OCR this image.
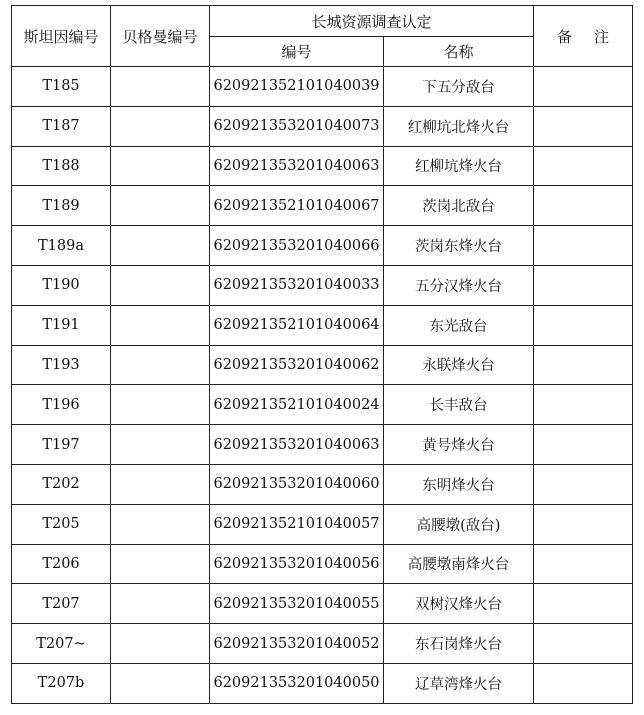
斯坦因编号	贝格曼编号	长城资源调查认定		备注
		编号	名称	
T185		620921352101040039	下五分敌台	
T187		620921353201040073	红柳坑北烽火台	
T188		620921353201040063	红柳坑烽火台	
T189		620921352101040067	茨岗北敌台	
T189a		620921353201040066	茨岗东烽火台	
T190		620921353201040033	五分汉烽火台	
T191		620921352101040064	东光敌台	
T193		620921353201040062	永联烽火台	
T196		620921352101040024	长丰敌台	
T197		620921353201040063	黄号烽火台	
T202		620921353201040060	东明烽火台	
T205		620921352101040057	高腰墩(敌台)	
T206		620921353201040056	高腰墩南烽火台	
T207		620921353201040055	双树汉烽火台	
T207~		620921353201040052	东石岗烽火台	
T207b		620921353201040050	辽草湾烽火台	
